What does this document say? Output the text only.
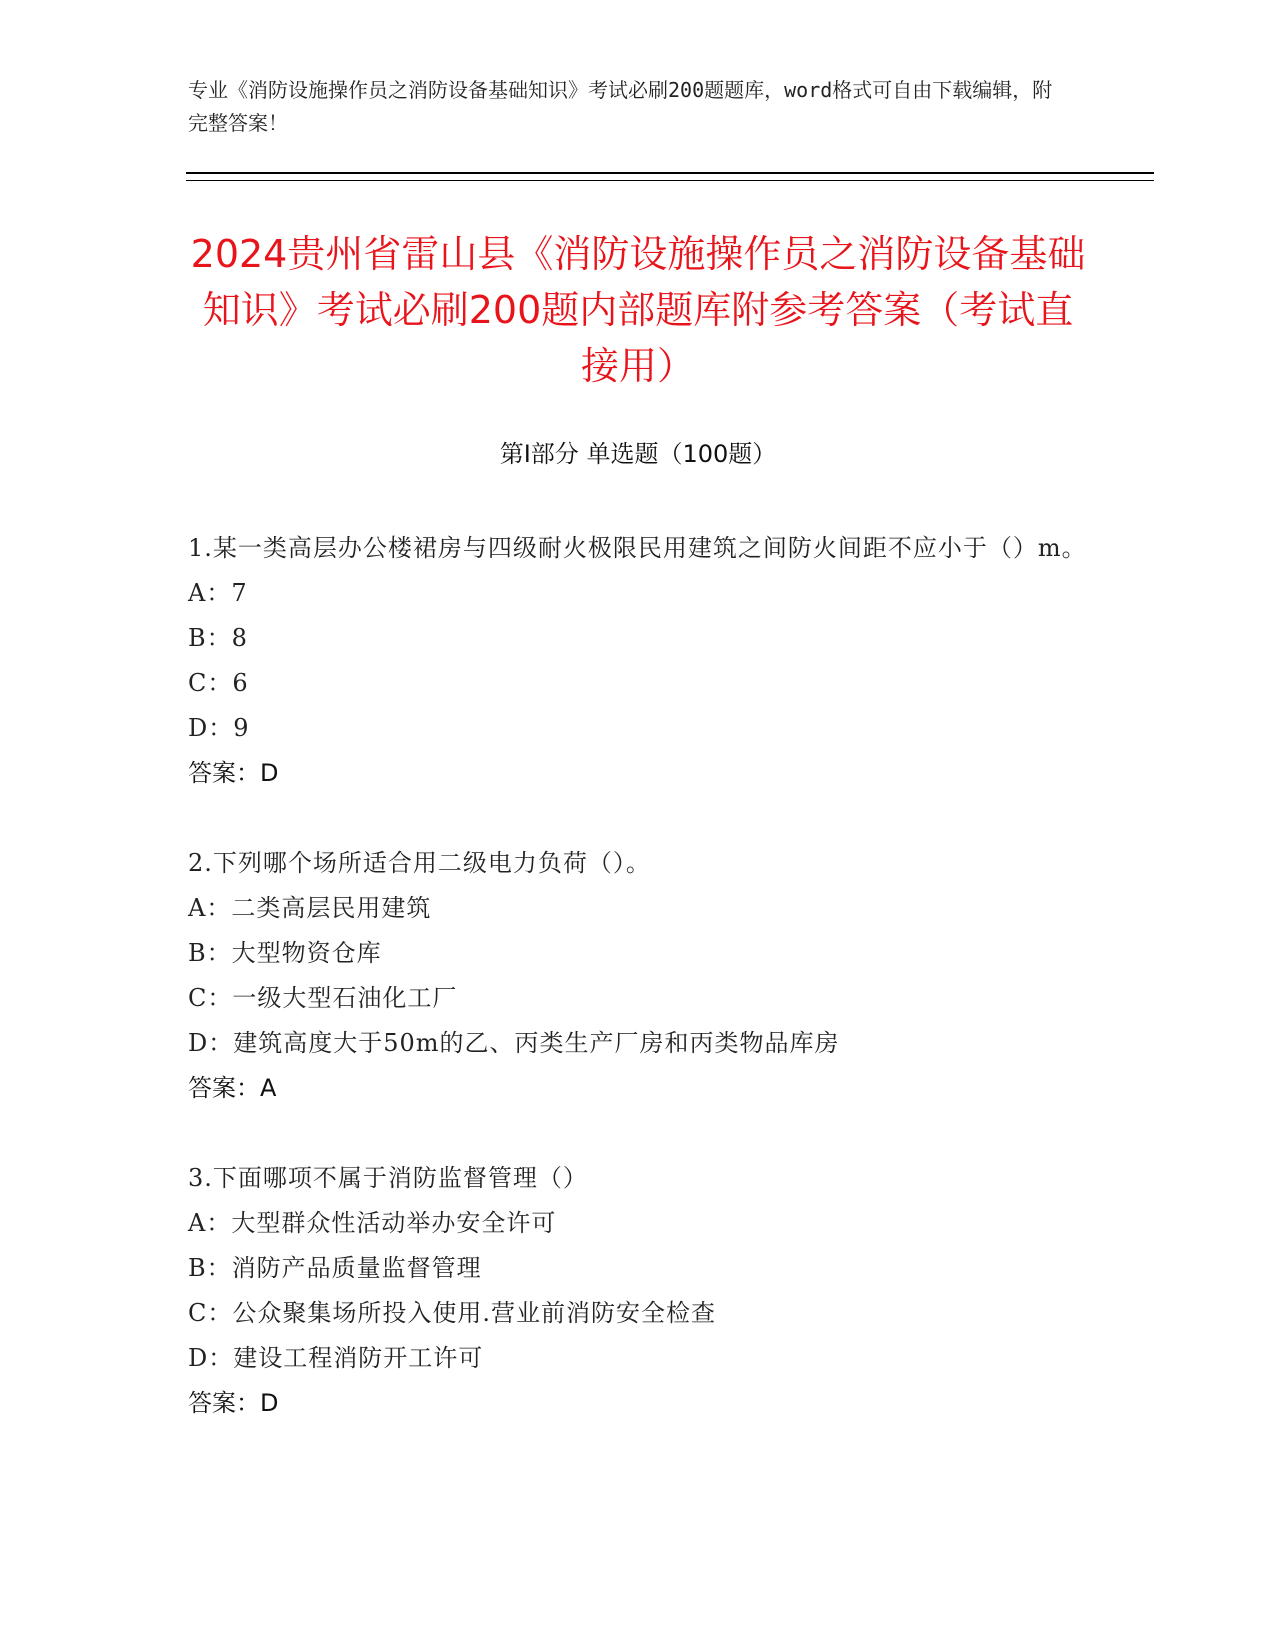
专业《消防设施操作员之消防设备基础知识》考试必刷200题题库，word格式可自由下载编辑，附完整答案！
2024贵州省雷山县《消防设施操作员之消防设备基础知识》考试必刷200题内部题库附参考答案（考试直接用）
第I部分 单选题（100题）
1.某一类高层办公楼裙房与四级耐火极限民用建筑之间防火间距不应小于（）m。
A：7
B：8
C：6
D：9
答案：D
2.下列哪个场所适合用二级电力负荷（）。
A：二类高层民用建筑
B：大型物资仓库
C：一级大型石油化工厂
D：建筑高度大于50m的乙、丙类生产厂房和丙类物品库房
答案：A
3.下面哪项不属于消防监督管理（）
A：大型群众性活动举办安全许可
B：消防产品质量监督管理
C：公众聚集场所投入使用.营业前消防安全检查
D：建设工程消防开工许可
答案：D
